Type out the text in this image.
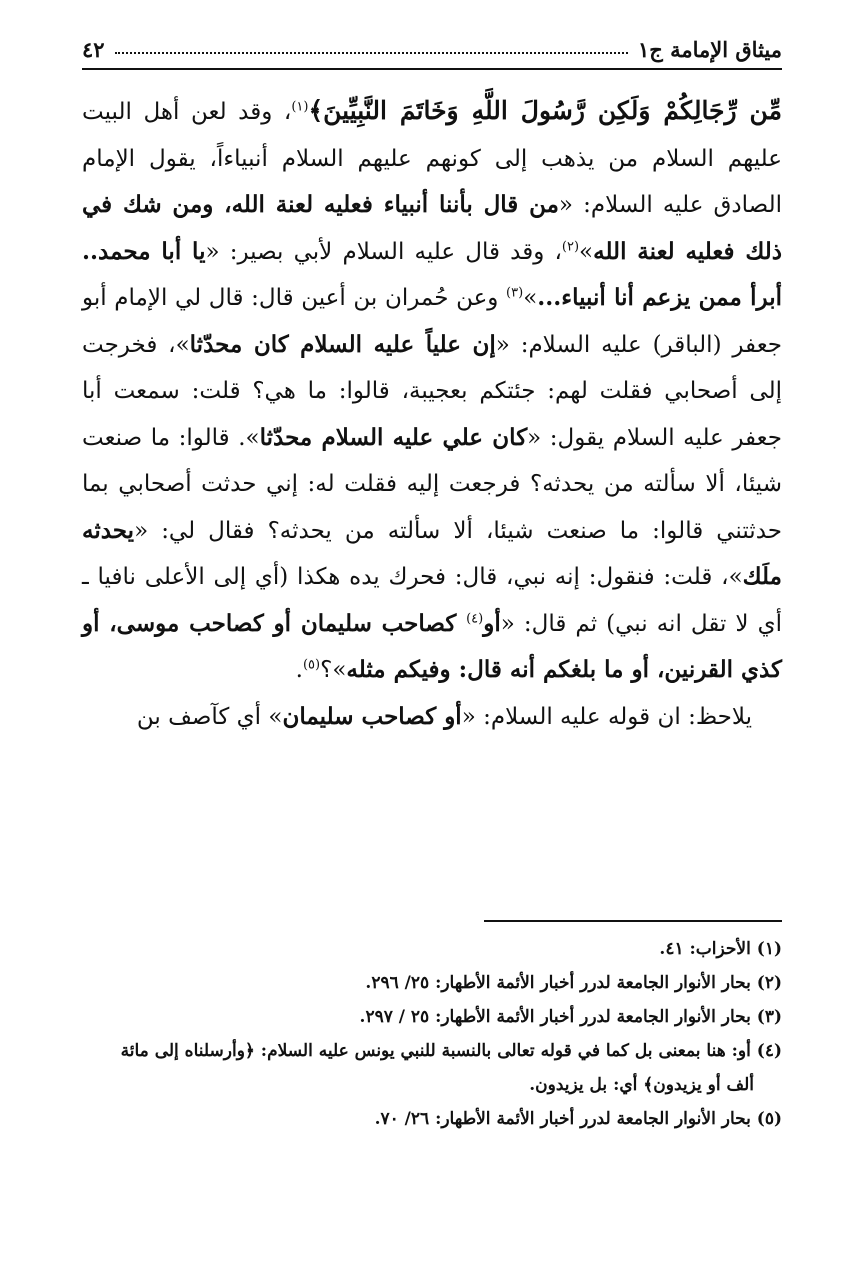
ميثاق الإمامة ج١
٤٢

مِّن رِّجَالِكُمْ وَلَكِن رَّسُولَ اللَّهِ وَخَاتَمَ النَّبِيِّينَ﴾$^{(١)}$، وقد لعن أهل البيت عليهم السلام من يذهب إلى كونهم عليهم السلام أنبياءاً، يقول الإمام الصادق عليه السلام: «من قال بأننا أنبياء فعليه لعنة الله، ومن شك في ذلك فعليه لعنة الله»$^{(٢)}$، وقد قال عليه السلام لأبي بصير: «يا أبا محمد.. أبرأ ممن يزعم أنا أنبياء...»$^{(٣)}$ وعن حُمران بن أعين قال: قال لي الإمام أبو جعفر (الباقر) عليه السلام: «إن علياً عليه السلام كان محدّثا»، فخرجت إلى أصحابي فقلت لهم: جئتكم بعجيبة، قالوا: ما هي؟ قلت: سمعت أبا جعفر عليه السلام يقول: «كان علي عليه السلام محدّثا». قالوا: ما صنعت شيئا، ألا سألته من يحدثه؟ فرجعت إليه فقلت له: إني حدثت أصحابي بما حدثتني قالوا: ما صنعت شيئا، ألا سألته من يحدثه؟ فقال لي: «يحدثه ملَك»، قلت: فنقول: إنه نبي، قال: فحرك يده هكذا (أي إلى الأعلى نافيا ـ أي لا تقل انه نبي) ثم قال: «أو$^{(٤)}$ كصاحب سليمان أو كصاحب موسى، أو كذي القرنين، أو ما بلغكم أنه قال: وفيكم مثله»؟$^{(٥)}$.

يلاحظ: ان قوله عليه السلام: «أو كصاحب سليمان» أي كآصف بن

(١) الأحزاب: ٤١.

(٢) بحار الأنوار الجامعة لدرر أخبار الأئمة الأطهار: ٢٥/ ٢٩٦.

(٣) بحار الأنوار الجامعة لدرر أخبار الأئمة الأطهار: ٢٥ / ٢٩٧.

(٤) أو: هنا بمعنى بل كما في قوله تعالى بالنسبة للنبي يونس عليه السلام: ﴿وأرسلناه إلى مائة

ألف أو يزيدون﴾ أي: بل يزيدون.

(٥) بحار الأنوار الجامعة لدرر أخبار الأئمة الأطهار: ٢٦/ ٧٠.
